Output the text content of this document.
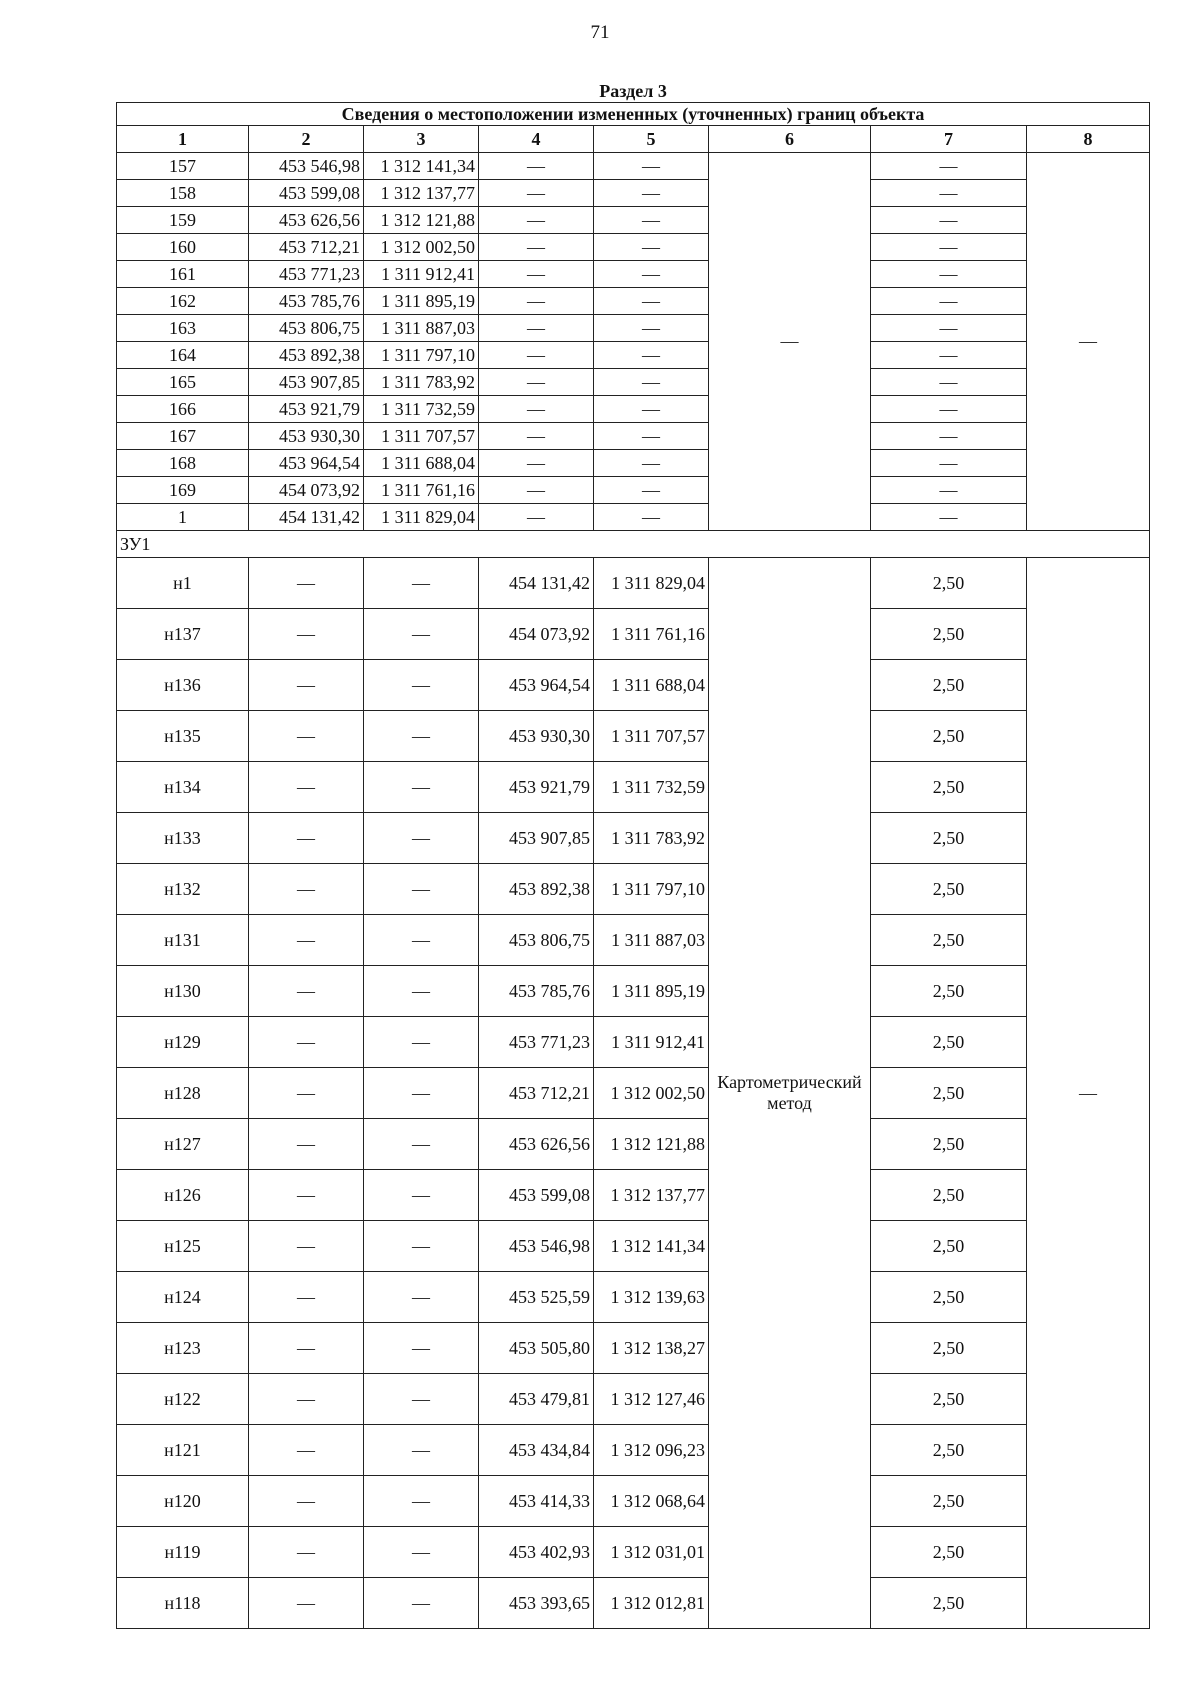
71
Раздел 3							
Сведения о местоположении измененных (уточненных) границ объекта							
1	2	3	4	5	6	7	8
157	453 546,98	1 312 141,34	—	—	—	—	—
158	453 599,08	1 312 137,77	—	—		—	
159	453 626,56	1 312 121,88	—	—		—	
160	453 712,21	1 312 002,50	—	—		—	
161	453 771,23	1 311 912,41	—	—		—	
162	453 785,76	1 311 895,19	—	—		—	
163	453 806,75	1 311 887,03	—	—		—	
164	453 892,38	1 311 797,10	—	—		—	
165	453 907,85	1 311 783,92	—	—		—	
166	453 921,79	1 311 732,59	—	—		—	
167	453 930,30	1 311 707,57	—	—		—	
168	453 964,54	1 311 688,04	—	—		—	
169	454 073,92	1 311 761,16	—	—		—	
1	454 131,42	1 311 829,04	—	—		—	
ЗУ1							
н1	—	—	454 131,42	1 311 829,04	Картометрический метод	2,50	—
н137	—	—	454 073,92	1 311 761,16		2,50	
н136	—	—	453 964,54	1 311 688,04		2,50	
н135	—	—	453 930,30	1 311 707,57		2,50	
н134	—	—	453 921,79	1 311 732,59		2,50	
н133	—	—	453 907,85	1 311 783,92		2,50	
н132	—	—	453 892,38	1 311 797,10		2,50	
н131	—	—	453 806,75	1 311 887,03		2,50	
н130	—	—	453 785,76	1 311 895,19		2,50	
н129	—	—	453 771,23	1 311 912,41		2,50	
н128	—	—	453 712,21	1 312 002,50		2,50	
н127	—	—	453 626,56	1 312 121,88		2,50	
н126	—	—	453 599,08	1 312 137,77		2,50	
н125	—	—	453 546,98	1 312 141,34		2,50	
н124	—	—	453 525,59	1 312 139,63		2,50	
н123	—	—	453 505,80	1 312 138,27		2,50	
н122	—	—	453 479,81	1 312 127,46		2,50	
н121	—	—	453 434,84	1 312 096,23		2,50	
н120	—	—	453 414,33	1 312 068,64		2,50	
н119	—	—	453 402,93	1 312 031,01		2,50	
н118	—	—	453 393,65	1 312 012,81		2,50	
